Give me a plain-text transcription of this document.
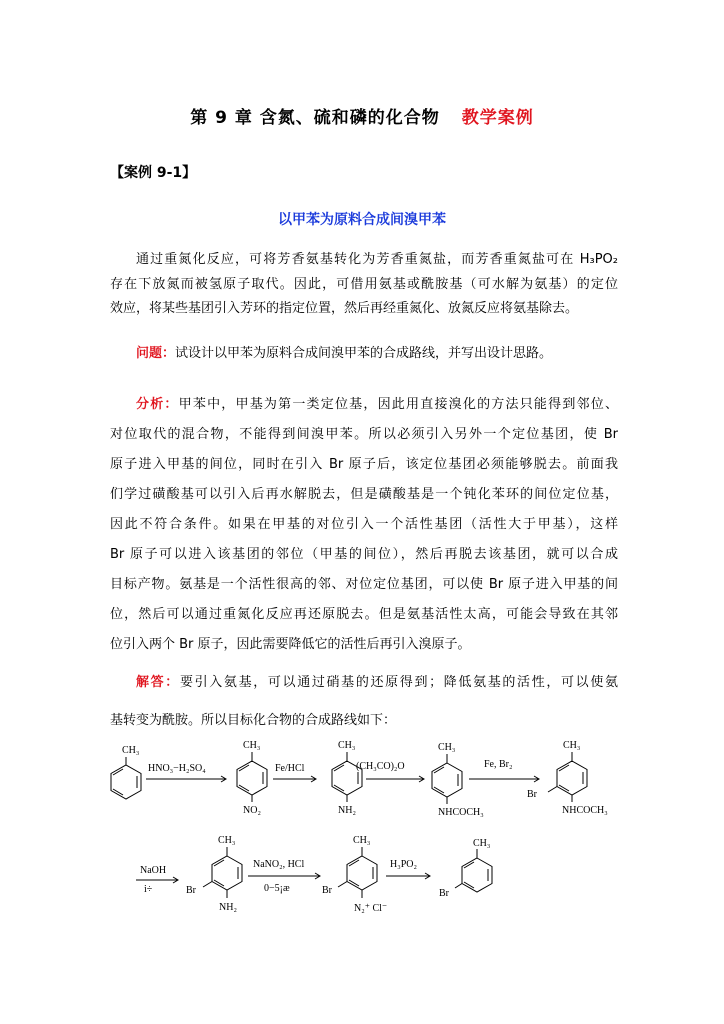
第 9 章 含氮、硫和磷的化合物 教学案例
【案例 9-1】
以甲苯为原料合成间溴甲苯
通过重氮化反应，可将芳香氨基转化为芳香重氮盐，而芳香重氮盐可在 H₃PO₂
存在下放氮而被氢原子取代。因此，可借用氨基或酰胺基（可水解为氨基）的定位
效应，将某些基团引入芳环的指定位置，然后再经重氮化、放氮反应将氨基除去。
问题：试设计以甲苯为原料合成间溴甲苯的合成路线，并写出设计思路。
分析：甲苯中，甲基为第一类定位基，因此用直接溴化的方法只能得到邻位、
对位取代的混合物，不能得到间溴甲苯。所以必须引入另外一个定位基团，使 Br
原子进入甲基的间位，同时在引入 Br 原子后，该定位基团必须能够脱去。前面我
们学过磺酸基可以引入后再水解脱去，但是磺酸基是一个钝化苯环的间位定位基，
因此不符合条件。如果在甲基的对位引入一个活性基团（活性大于甲基），这样
Br 原子可以进入该基团的邻位（甲基的间位），然后再脱去该基团，就可以合成
目标产物。氨基是一个活性很高的邻、对位定位基团，可以使 Br 原子进入甲基的间
位，然后可以通过重氮化反应再还原脱去。但是氨基活性太高，可能会导致在其邻
位引入两个 Br 原子，因此需要降低它的活性后再引入溴原子。
解答：要引入氨基，可以通过硝基的还原得到；降低氨基的活性，可以使氨
基转变为酰胺。所以目标化合物的合成路线如下：
CH₃
HNO₃−H₂SO₄
CH₃
NO₂
Fe/HCl
CH₃
NH₂
(CH₃CO)₂O
CH₃
NHCOCH₃
Fe, Br₂
CH₃
Br
NHCOCH₃
NaOH
i÷
CH₃
Br
NH₂
NaNO₂, HCl
0−5¡æ
CH₃
Br
N₂⁺ Cl⁻
H₃PO₂
CH₃
Br
